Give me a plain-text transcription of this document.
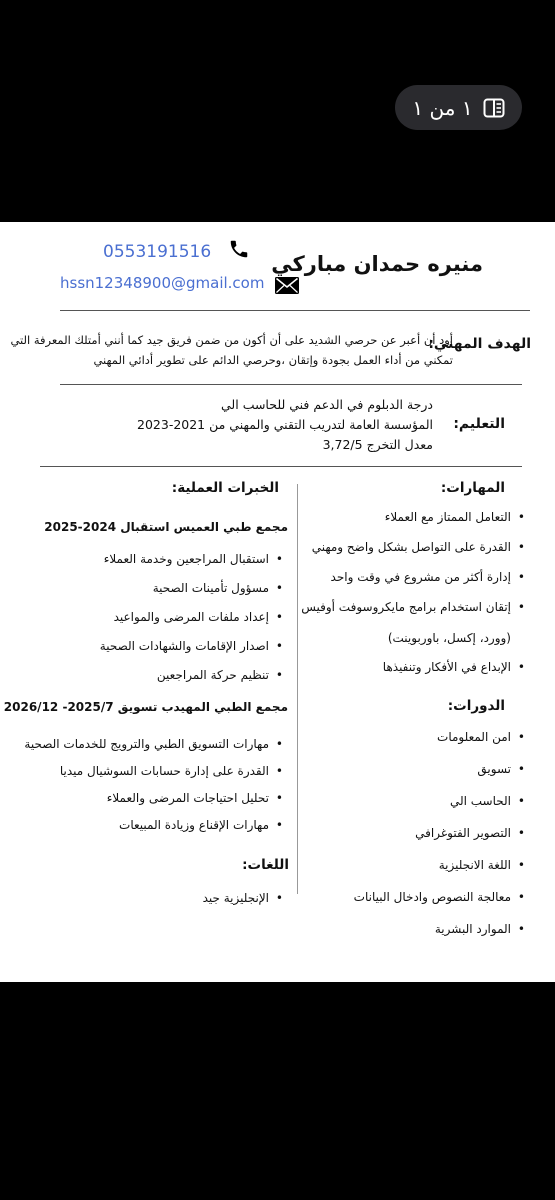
١ من ١
منيره حمدان مباركي
0553191516
hssn12348900@gmail.com
الهدف المهني:
أود أن أعبر عن حرصي الشديد على أن أكون من ضمن فريق جيد كما أنني أمتلك المعرفة التي
تمكني من أداء العمل بجودة وإتقان ،وحرصي الدائم على تطوير أدائي المهني
التعليم:
درجة الدبلوم في الدعم فني للحاسب الي
المؤسسة العامة لتدريب التقني والمهني من 2021-2023
معدل التخرج 3,72/5
المهارات:
• التعامل الممتاز مع العملاء
• القدرة على التواصل بشكل واضح ومهني
• إدارة أكثر من مشروع في وقت واحد
• إتقان استخدام برامج مايكروسوفت أوفيس
(وورد، إكسل، باوربوينت)
• الإبداع في الأفكار وتنفيذها
الدورات:
• امن المعلومات
• تسويق
• الحاسب الي
• التصوير الفتوغرافي
• اللغة الانجليزية
• معالجة النصوص وادخال البيانات
• الموارد البشرية
الخبرات العملية:
مجمع طبي العميس استقبال 2024-2025
• استقبال المراجعين وخدمة العملاء
• مسؤول تأمينات الصحية
• إعداد ملفات المرضى والمواعيد
• اصدار الإقامات والشهادات الصحية
• تنظيم حركة المراجعين
مجمع الطبي المهيدب تسويق 2025/7- 2026/12
• مهارات التسويق الطبي والترويج للخدمات الصحية
• القدرة على إدارة حسابات السوشيال ميديا
• تحليل احتياجات المرضى والعملاء
• مهارات الإقناع وزيادة المبيعات
اللغات:
• الإنجليزية جيد
